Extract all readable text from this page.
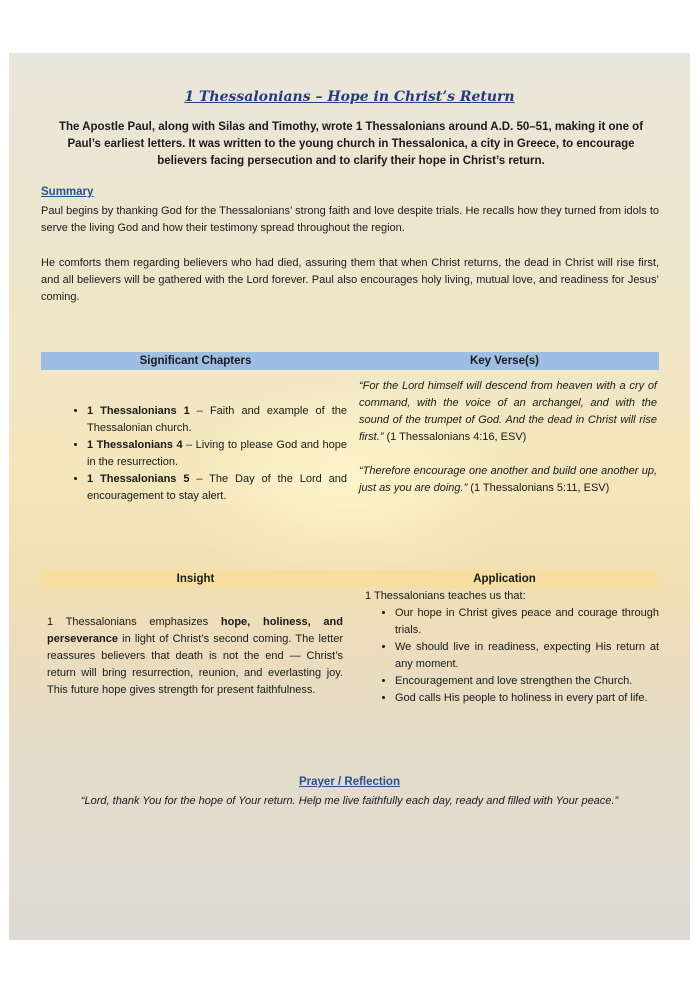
1 Thessalonians – Hope in Christ’s Return
The Apostle Paul, along with Silas and Timothy, wrote 1 Thessalonians around A.D. 50–51, making it one of Paul’s earliest letters. It was written to the young church in Thessalonica, a city in Greece, to encourage believers facing persecution and to clarify their hope in Christ’s return.
Summary
Paul begins by thanking God for the Thessalonians’ strong faith and love despite trials. He recalls how they turned from idols to serve the living God and how their testimony spread throughout the region.
He comforts them regarding believers who had died, assuring them that when Christ returns, the dead in Christ will rise first, and all believers will be gathered with the Lord forever. Paul also encourages holy living, mutual love, and readiness for Jesus’ coming.
Significant Chapters	Key Verse(s)
• 1 Thessalonians 1 – Faith and example of the Thessalonian church.
• 1 Thessalonians 4 – Living to please God and hope in the resurrection.
• 1 Thessalonians 5 – The Day of the Lord and encouragement to stay alert.

“For the Lord himself will descend from heaven with a cry of command, with the voice of an archangel, and with the sound of the trumpet of God. And the dead in Christ will rise first.” (1 Thessalonians 4:16, ESV)

“Therefore encourage one another and build one another up, just as you are doing.” (1 Thessalonians 5:11, ESV)

Insight	Application
1 Thessalonians emphasizes hope, holiness, and perseverance in light of Christ’s second coming. The letter reassures believers that death is not the end — Christ’s return will bring resurrection, reunion, and everlasting joy. This future hope gives strength for present faithfulness.
1 Thessalonians teaches us that:
• Our hope in Christ gives peace and courage through trials.
• We should live in readiness, expecting His return at any moment.
• Encouragement and love strengthen the Church.
• God calls His people to holiness in every part of life.
Prayer / Reflection
“Lord, thank You for the hope of Your return. Help me live faithfully each day, ready and filled with Your peace.”
